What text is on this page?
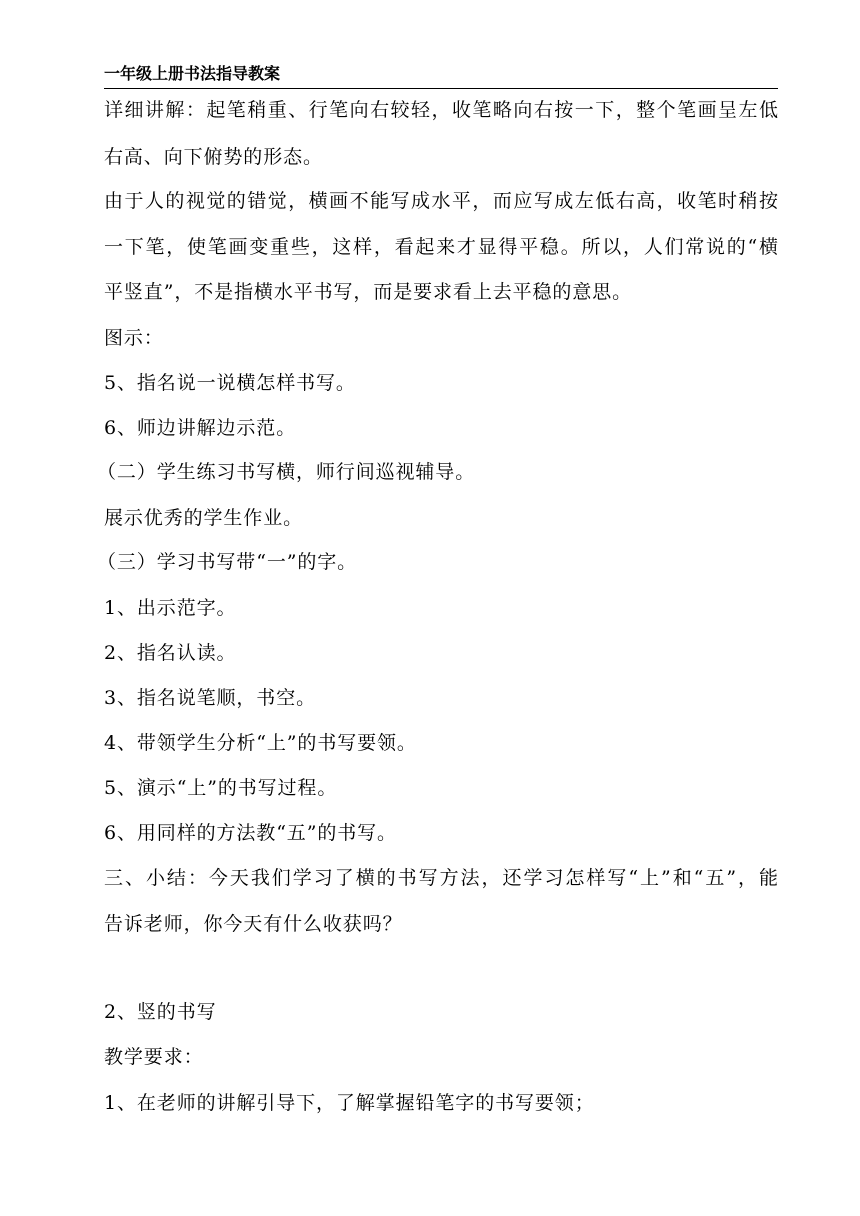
一年级上册书法指导教案
详细讲解：起笔稍重、行笔向右较轻，收笔略向右按一下，整个笔画呈左低
右高、向下俯势的形态。
由于人的视觉的错觉，横画不能写成水平，而应写成左低右高，收笔时稍按
一下笔，使笔画变重些，这样，看起来才显得平稳。所以，人们常说的“横
平竖直”，不是指横水平书写，而是要求看上去平稳的意思。
图示：
5、指名说一说横怎样书写。
6、师边讲解边示范。
（二）学生练习书写横，师行间巡视辅导。
展示优秀的学生作业。
（三）学习书写带“一”的字。
1、出示范字。
2、指名认读。
3、指名说笔顺，书空。
4、带领学生分析“上”的书写要领。
5、演示“上”的书写过程。
6、用同样的方法教“五”的书写。
三、小结：今天我们学习了横的书写方法，还学习怎样写“上”和“五”，能
告诉老师，你今天有什么收获吗？
2、竖的书写
教学要求：
1、在老师的讲解引导下，了解掌握铅笔字的书写要领；
